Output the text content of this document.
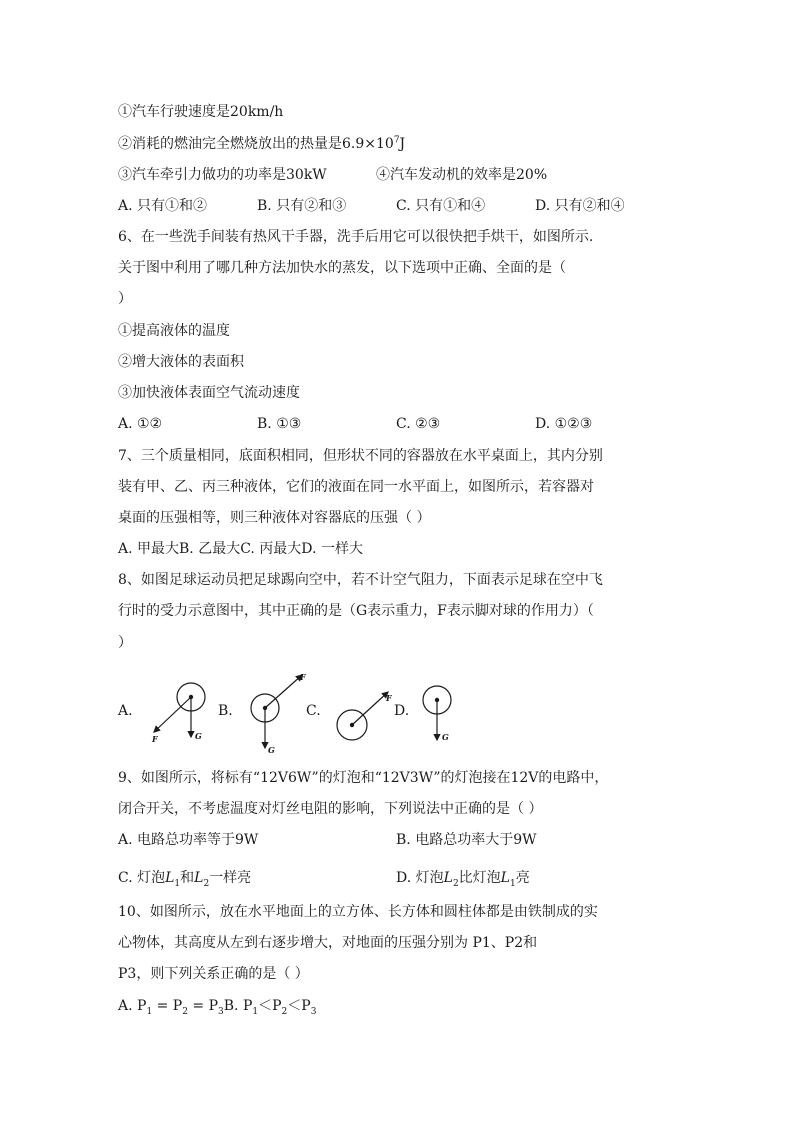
①汽车行驶速度是20km/h
②消耗的燃油完全燃烧放出的热量是$6.9\times 10^7J$
③汽车牵引力做功的功率是30kW	④汽车发动机的效率是20%
A. 只有①和②	B. 只有②和③	C. 只有①和④	D. 只有②和④
6、在一些洗手间装有热风干手器，洗手后用它可以很快把手烘干，如图所示.
关于图中利用了哪几种方法加快水的蒸发，以下选项中正确、全面的是（
）
①提高液体的温度
②增大液体的表面积
③加快液体表面空气流动速度
A. ①②	B. ①③	C. ②③	D. ①②③
7、三个质量相同，底面积相同，但形状不同的容器放在水平桌面上，其内分别
装有甲、乙、丙三种液体，它们的液面在同一水平面上，如图所示，若容器对
桌面的压强相等，则三种液体对容器底的压强（ ）
A. 甲最大B. 乙最大C. 丙最大D. 一样大
8、如图足球运动员把足球踢向空中，若不计空气阻力，下面表示足球在空中飞
行时的受力示意图中，其中正确的是（G表示重力，F表示脚对球的作用力）（
）
A.	B.	C.	D.
F	G
F
G
F
G
9、如图所示，将标有“12V6W”的灯泡和“12V3W”的灯泡接在12V的电路中，
闭合开关，不考虑温度对灯丝电阻的影响，下列说法中正确的是（ ）
A. 电路总功率等于9W	B. 电路总功率大于9W
C. 灯泡$L_1$和$L_2$一样亮	D. 灯泡$L_2$比灯泡$L_1$亮
10、如图所示，放在水平地面上的立方体、长方体和圆柱体都是由铁制成的实
心物体，其高度从左到右逐步增大，对地面的压强分别为 P1、P2和
P3，则下列关系正确的是（ ）
A. $P_1 = P_2 = P_3B$. $P_1<P_2<P_3$
